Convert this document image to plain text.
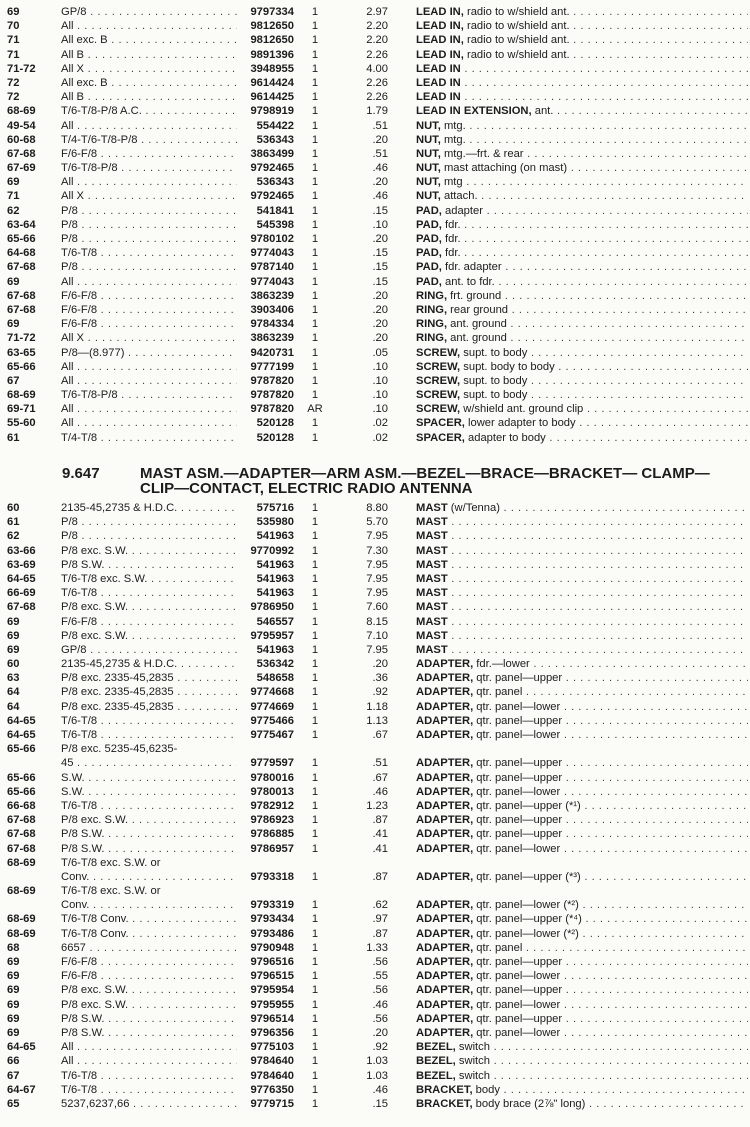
69	GP/8 . . .	9797334	1	2.97	LEAD IN, radio to w/shield ant. . . .
70	All . . .	9812650	1	2.20	LEAD IN, radio to w/shield ant. . . .
71	All exc. B . . .	9812650	1	2.20	LEAD IN, radio to w/shield ant. . . .
71	All B . . .	9891396	1	2.26	LEAD IN, radio to w/shield ant. . . .
71-72	All X . . .	3948955	1	4.00	LEAD IN . . .
72	All exc. B . . .	9614424	1	2.26	LEAD IN . . .
72	All B . . .	9614425	1	2.26	LEAD IN . . .
68-69	T/6-T/8-P/8 A.C. . . .	9798919	1	1.79	LEAD IN EXTENSION, ant. . . .
49-54	All . . .	554422	1	.51	NUT, mtg. . . .
60-68	T/4-T/6-T/8-P/8 . . .	536343	1	.20	NUT, mtg. . . .
67-68	F/6-F/8 . . .	3863499	1	.51	NUT, mtg.—frt. & rear . . .
67-69	T/6-T/8-P/8 . . .	9792465	1	.46	NUT, mast attaching (on mast) . . .
69	All . . .	536343	1	.20	NUT, mtg . . .
71	All X . . .	9792465	1	.46	NUT, attach. . . .
62	P/8 . . .	541841	1	.15	PAD, adapter . . .
63-64	P/8 . . .	545398	1	.10	PAD, fdr. . . .
65-66	P/8 . . .	9780102	1	.20	PAD, fdr. . . .
64-68	T/6-T/8 . . .	9774043	1	.15	PAD, fdr. . . .
67-68	P/8 . . .	9787140	1	.15	PAD, fdr. adapter . . .
69	All . . .	9774043	1	.15	PAD, ant. to fdr. . . .
67-68	F/6-F/8 . . .	3863239	1	.20	RING, frt. ground . . .
67-68	F/6-F/8 . . .	3903406	1	.20	RING, rear ground . . .
69	F/6-F/8 . . .	9784334	1	.20	RING, ant. ground . . .
71-72	All X . . .	3863239	1	.20	RING, ant. ground . . .
63-65	P/8—(8.977) . . .	9420731	1	.05	SCREW, supt. to body . . .
65-66	All . . .	9777199	1	.10	SCREW, supt. body to body . . .
67	All . . .	9787820	1	.10	SCREW, supt. to body . . .
68-69	T/6-T/8-P/8 . . .	9787820	1	.10	SCREW, supt. to body . . .
69-71	All . . .	9787820	AR	.10	SCREW, w/shield ant. ground clip . . .
55-60	All . . .	520128	1	.02	SPACER, lower adapter to body . . .
61	T/4-T/8 . . .	520128	1	.02	SPACER, adapter to body . . .
9.647	MAST ASM.—ADAPTER—ARM ASM.—BEZEL—BRACE—BRACKET— CLAMP—CLIP—CONTACT, ELECTRIC RADIO ANTENNA
60	2135-45,2735 & H.D.C. . . .	575716	1	8.80	MAST (w/Tenna) . . .
61	P/8 . . .	535980	1	5.70	MAST . . .
62	P/8 . . .	541963	1	7.95	MAST . . .
63-66	P/8 exc. S.W. . . .	9770992	1	7.30	MAST . . .
63-69	P/8 S.W. . . .	541963	1	7.95	MAST . . .
64-65	T/6-T/8 exc. S.W. . . .	541963	1	7.95	MAST . . .
66-69	T/6-T/8 . . .	541963	1	7.95	MAST . . .
67-68	P/8 exc. S.W. . . .	9786950	1	7.60	MAST . . .
69	F/6-F/8 . . .	546557	1	8.15	MAST . . .
69	P/8 exc. S.W. . . .	9795957	1	7.10	MAST . . .
69	GP/8 . . .	541963	1	7.95	MAST . . .
60	2135-45,2735 & H.D.C. . . .	536342	1	.20	ADAPTER, fdr.—lower . . .
63	P/8 exc. 2335-45,2835 . . .	548658	1	.36	ADAPTER, qtr. panel—upper . . .
64	P/8 exc. 2335-45,2835 . . .	9774668	1	.92	ADAPTER, qtr. panel . . .
64	P/8 exc. 2335-45,2835 . . .	9774669	1	1.18	ADAPTER, qtr. panel—lower . . .
64-65	T/6-T/8 . . .	9775466	1	1.13	ADAPTER, qtr. panel—upper . . .
64-65	T/6-T/8 . . .	9775467	1	.67	ADAPTER, qtr. panel—lower . . .
65-66	P/8 exc. 5235-45,6235-
45 . . .	9779597	1	.51	ADAPTER, qtr. panel—upper . . .
65-66	S.W. . . .	9780016	1	.67	ADAPTER, qtr. panel—upper . . .
65-66	S.W. . . .	9780013	1	.46	ADAPTER, qtr. panel—lower . . .
66-68	T/6-T/8 . . .	9782912	1	1.23	ADAPTER, qtr. panel—upper (*¹) . . .
67-68	P/8 exc. S.W. . . .	9786923	1	.87	ADAPTER, qtr. panel—upper . . .
67-68	P/8 S.W. . . .	9786885	1	.41	ADAPTER, qtr. panel—upper . . .
67-68	P/8 S.W. . . .	9786957	1	.41	ADAPTER, qtr. panel—lower . . .
68-69	T/6-T/8 exc. S.W. or
Conv. . . .	9793318	1	.87	ADAPTER, qtr. panel—upper (*³) . . .
68-69	T/6-T/8 exc. S.W. or
Conv. . . .	9793319	1	.62	ADAPTER, qtr. panel—lower (*²) . . .
68-69	T/6-T/8 Conv. . . .	9793434	1	.97	ADAPTER, qtr. panel—upper (*⁴) . . .
68-69	T/6-T/8 Conv. . . .	9793486	1	.87	ADAPTER, qtr. panel—lower (*²) . . .
68	6657 . . .	9790948	1	1.33	ADAPTER, qtr. panel . . .
69	F/6-F/8 . . .	9796516	1	.56	ADAPTER, qtr. panel—upper . . .
69	F/6-F/8 . . .	9796515	1	.55	ADAPTER, qtr. panel—lower . . .
69	P/8 exc. S.W. . . .	9795954	1	.56	ADAPTER, qtr. panel—upper . . .
69	P/8 exc. S.W. . . .	9795955	1	.46	ADAPTER, qtr. panel—lower . . .
69	P/8 S.W. . . .	9796514	1	.56	ADAPTER, qtr. panel—upper . . .
69	P/8 S.W. . . .	9796356	1	.20	ADAPTER, qtr. panel—lower . . .
64-65	All . . .	9775103	1	.92	BEZEL, switch . . .
66	All . . .	9784640	1	1.03	BEZEL, switch . . .
67	T/6-T/8 . . .	9784640	1	1.03	BEZEL, switch . . .
64-67	T/6-T/8 . . .	9776350	1	.46	BRACKET, body . . .
65	5237,6237,66 . . .	9779715	1	.15	BRACKET, body brace (2⅞" long) . . .
